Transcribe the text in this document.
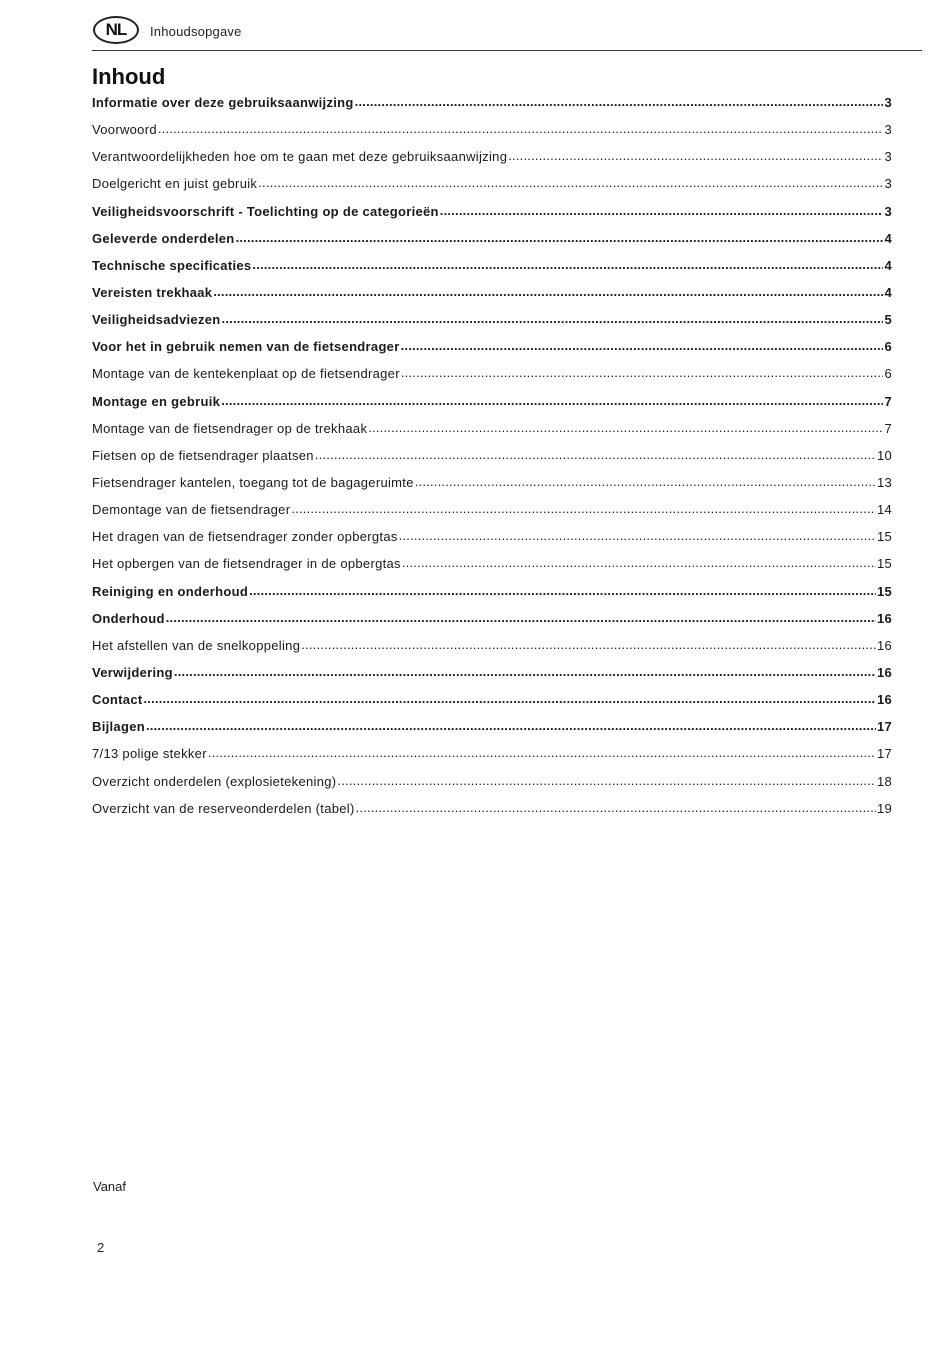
NL	Inhoudsopgave
Inhoud
Informatie over deze gebruiksaanwijzing .....	3
Voorwoord .....	3
Verantwoordelijkheden hoe om te gaan met deze gebruiksaanwijzing .....	3
Doelgericht en juist gebruik .....	3
Veiligheidsvoorschrift - Toelichting op de categorieën .....	3
Geleverde onderdelen .....	4
Technische specificaties .....	4
Vereisten trekhaak .....	4
Veiligheidsadviezen .....	5
Voor het in gebruik nemen van de fietsendrager .....	6
Montage van de kentekenplaat op de fietsendrager .....	6
Montage en gebruik .....	7
Montage van de fietsendrager op de trekhaak .....	7
Fietsen op de fietsendrager plaatsen .....	10
Fietsendrager kantelen, toegang tot de bagageruimte .....	13
Demontage van de fietsendrager .....	14
Het dragen van de fietsendrager zonder opbergtas .....	15
Het opbergen van de fietsendrager in de opbergtas .....	15
Reiniging en onderhoud .....	15
Onderhoud .....	16
Het afstellen van de snelkoppeling .....	16
Verwijdering .....	16
Contact .....	16
Bijlagen .....	17
7/13 polige stekker .....	17
Overzicht onderdelen (explosietekening) .....	18
Overzicht van de reserveonderdelen (tabel) .....	19
Vanaf
2
